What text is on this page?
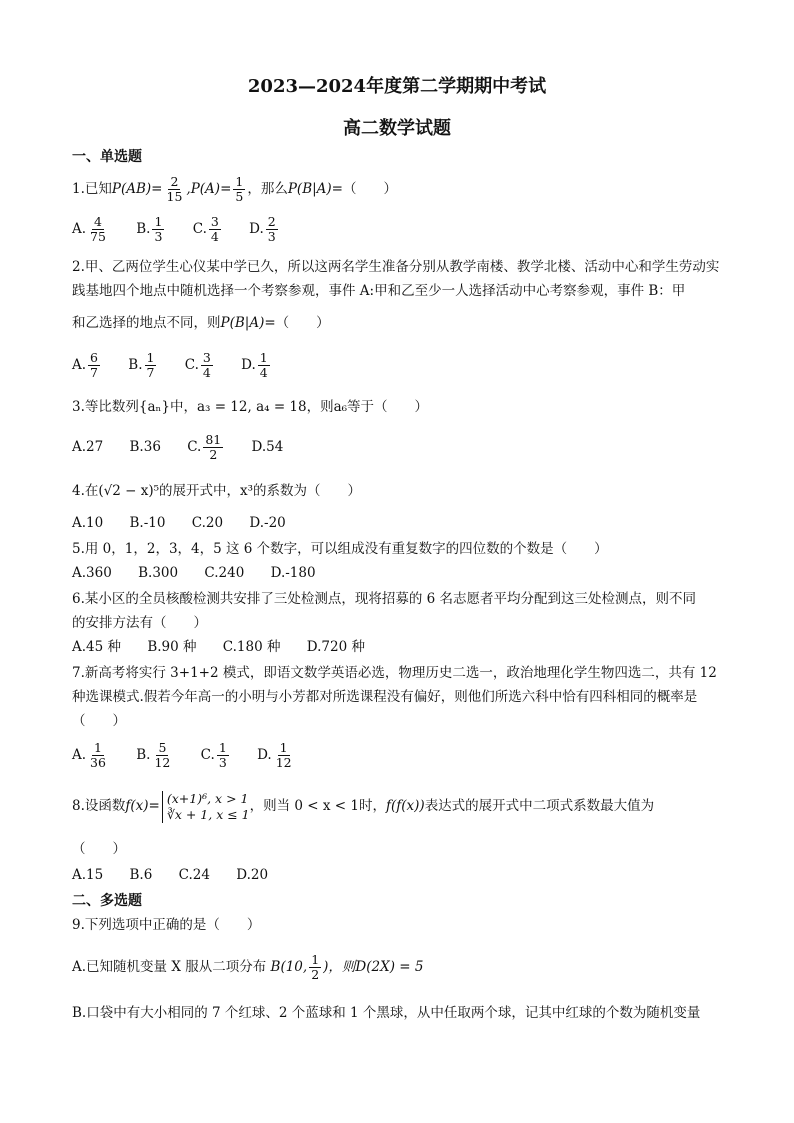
2023—2024年度第二学期期中考试
高二数学试题
一、单选题
1.已知$P(AB)= \frac{2}{15} ,P(A)= \frac{1}{5}$ ，那么P(B|A)=（　　）
A. $\frac{4}{75} B$. $\frac{1}{3} C$. $\frac{3}{4} D$. $\frac{2}{3}$
2.甲、乙两位学生心仪某中学已久，所以这两名学生准备分别从教学南楼、教学北楼、活动中心和学生劳动实
践基地四个地点中随机选择一个考察参观，事件 A:甲和乙至少一人选择活动中心考察参观，事件 B：甲
和乙选择的地点不同，则P(B|A)=（　　）
A. $\frac{6}{7} B$. $\frac{1}{7} C$. $\frac{3}{4} D$. $\frac{1}{4}$
3.等比数列{aₙ}中，a₃ = 12, a₄ = 18，则a₆等于（　　）
A.27 B.36 C. $\frac{81}{2} D.54$
4.在(√2 − x)⁵的展开式中，x³的系数为（　　）
A.10 B.-10 C.20 D.-20
5.用 0，1，2，3，4，5 这 6 个数字，可以组成没有重复数字的四位数的个数是（　　）
A.360 B.300 C.240 D.-180
6.某小区的全员核酸检测共安排了三处检测点，现将招募的 6 名志愿者平均分配到这三处检测点，则不同
的安排方法有（　　）
A.45 种 B.90 种 C.180 种 D.720 种
7.新高考将实行 3+1+2 模式，即语文数学英语必选，物理历史二选一，政治地理化学生物四选二，共有 12
种选课模式.假若今年高一的小明与小芳都对所选课程没有偏好，则他们所选六科中恰有四科相同的概率是
（　　）
A. $\frac{1}{36} B$. $\frac{5}{12} C$. $\frac{1}{3} D$. $\frac{1}{12}$
8.设函数f(x)= (x+1)⁶, x > 1
∛x + 1, x ≤ 1 ，则当 0 < x < 1时，f(f(x))表达式的展开式中二项式系数最大值为
（　　）
A.15 B.6 C.24 D.20
二、多选题
9.下列选项中正确的是（　　）
A.已知随机变量 X 服从二项分布 B(10, $\frac{1}{2}$ )，则D(2X) = 5
B.口袋中有大小相同的 7 个红球、2 个蓝球和 1 个黑球，从中任取两个球，记其中红球的个数为随机变量
